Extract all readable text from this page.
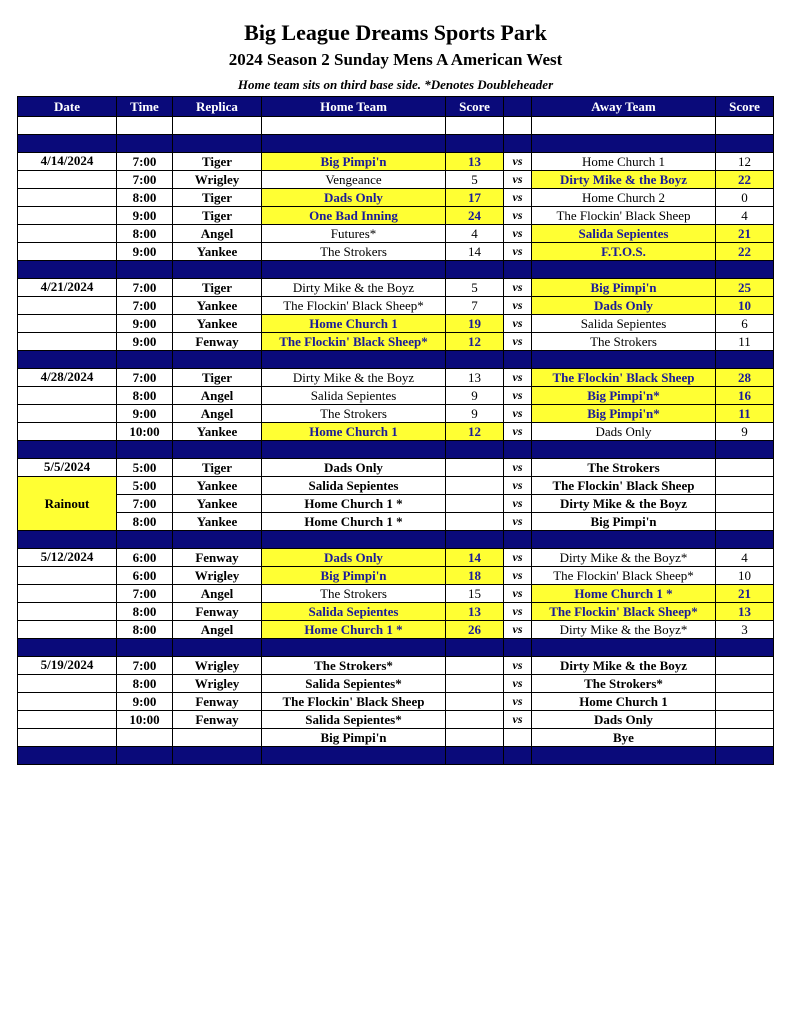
Big League Dreams Sports Park
2024 Season 2 Sunday Mens A American West
Home team sits on third base side. *Denotes Doubleheader
Date	Time	Replica	Home Team	Score		Away Team	Score

4/14/2024	7:00	Tiger	Big Pimpi'n	13	vs	Home Church 1	12
	7:00	Wrigley	Vengeance	5	vs	Dirty Mike & the Boyz	22
	8:00	Tiger	Dads Only	17	vs	Home Church 2	0
	9:00	Tiger	One Bad Inning	24	vs	The Flockin' Black Sheep	4
	8:00	Angel	Futures*	4	vs	Salida Sepientes	21
	9:00	Yankee	The Strokers	14	vs	F.T.O.S.	22

4/21/2024	7:00	Tiger	Dirty Mike & the Boyz	5	vs	Big Pimpi'n	25
	7:00	Yankee	The Flockin' Black Sheep*	7	vs	Dads Only	10
	9:00	Yankee	Home Church 1	19	vs	Salida Sepientes	6
	9:00	Fenway	The Flockin' Black Sheep*	12	vs	The Strokers	11

4/28/2024	7:00	Tiger	Dirty Mike & the Boyz	13	vs	The Flockin' Black Sheep	28
	8:00	Angel	Salida Sepientes	9	vs	Big Pimpi'n*	16
	9:00	Angel	The Strokers	9	vs	Big Pimpi'n*	11
	10:00	Yankee	Home Church 1	12	vs	Dads Only	9

5/5/2024	5:00	Tiger	Dads Only		vs	The Strokers	
Rainout	5:00	Yankee	Salida Sepientes		vs	The Flockin' Black Sheep	
	7:00	Yankee	Home Church 1 *		vs	Dirty Mike & the Boyz	
	8:00	Yankee	Home Church 1 *		vs	Big Pimpi'n	

5/12/2024	6:00	Fenway	Dads Only	14	vs	Dirty Mike & the Boyz*	4
	6:00	Wrigley	Big Pimpi'n	18	vs	The Flockin' Black Sheep*	10
	7:00	Angel	The Strokers	15	vs	Home Church 1 *	21
	8:00	Fenway	Salida Sepientes	13	vs	The Flockin' Black Sheep*	13
	8:00	Angel	Home Church 1 *	26	vs	Dirty Mike & the Boyz*	3

5/19/2024	7:00	Wrigley	The Strokers*		vs	Dirty Mike & the Boyz	
	8:00	Wrigley	Salida Sepientes*		vs	The Strokers*	
	9:00	Fenway	The Flockin' Black Sheep		vs	Home Church 1	
	10:00	Fenway	Salida Sepientes*		vs	Dads Only	
			Big Pimpi'n			Bye	
